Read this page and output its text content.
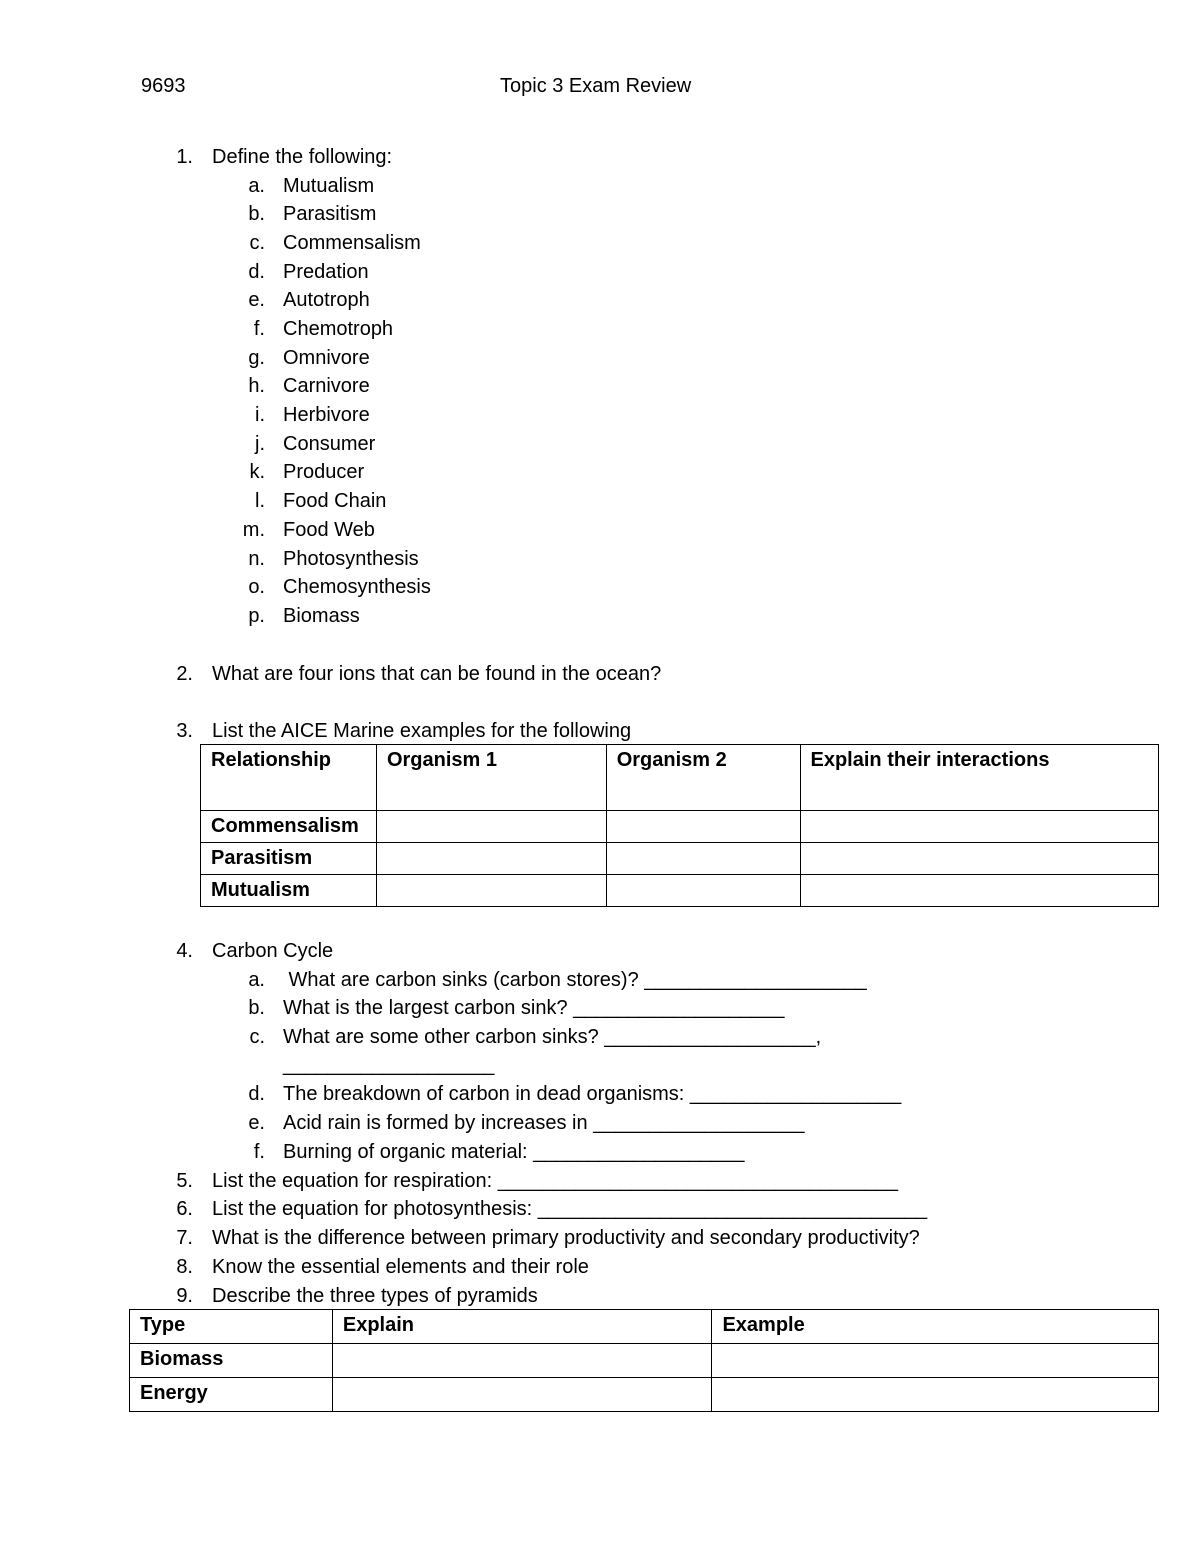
9693	Topic 3 Exam Review
1. Define the following:
a. Mutualism
b. Parasitism
c. Commensalism
d. Predation
e. Autotroph
f. Chemotroph
g. Omnivore
h. Carnivore
i. Herbivore
j. Consumer
k. Producer
l. Food Chain
m. Food Web
n. Photosynthesis
o. Chemosynthesis
p. Biomass
2. What are four ions that can be found in the ocean?
3. List the AICE Marine examples for the following
Relationship	Organism 1	Organism 2	Explain their interactions
Commensalism			
Parasitism			
Mutualism			
4. Carbon Cycle
a. What are carbon sinks (carbon stores)? ____________________
b. What is the largest carbon sink? ___________________
c. What are some other carbon sinks? ___________________,
___________________
d. The breakdown of carbon in dead organisms: ___________________
e. Acid rain is formed by increases in ___________________
f. Burning of organic material: ___________________
5. List the equation for respiration: ____________________________________
6. List the equation for photosynthesis: ___________________________________
7. What is the difference between primary productivity and secondary productivity?
8. Know the essential elements and their role
9. Describe the three types of pyramids
Type	Explain	Example
Biomass		
Energy		
